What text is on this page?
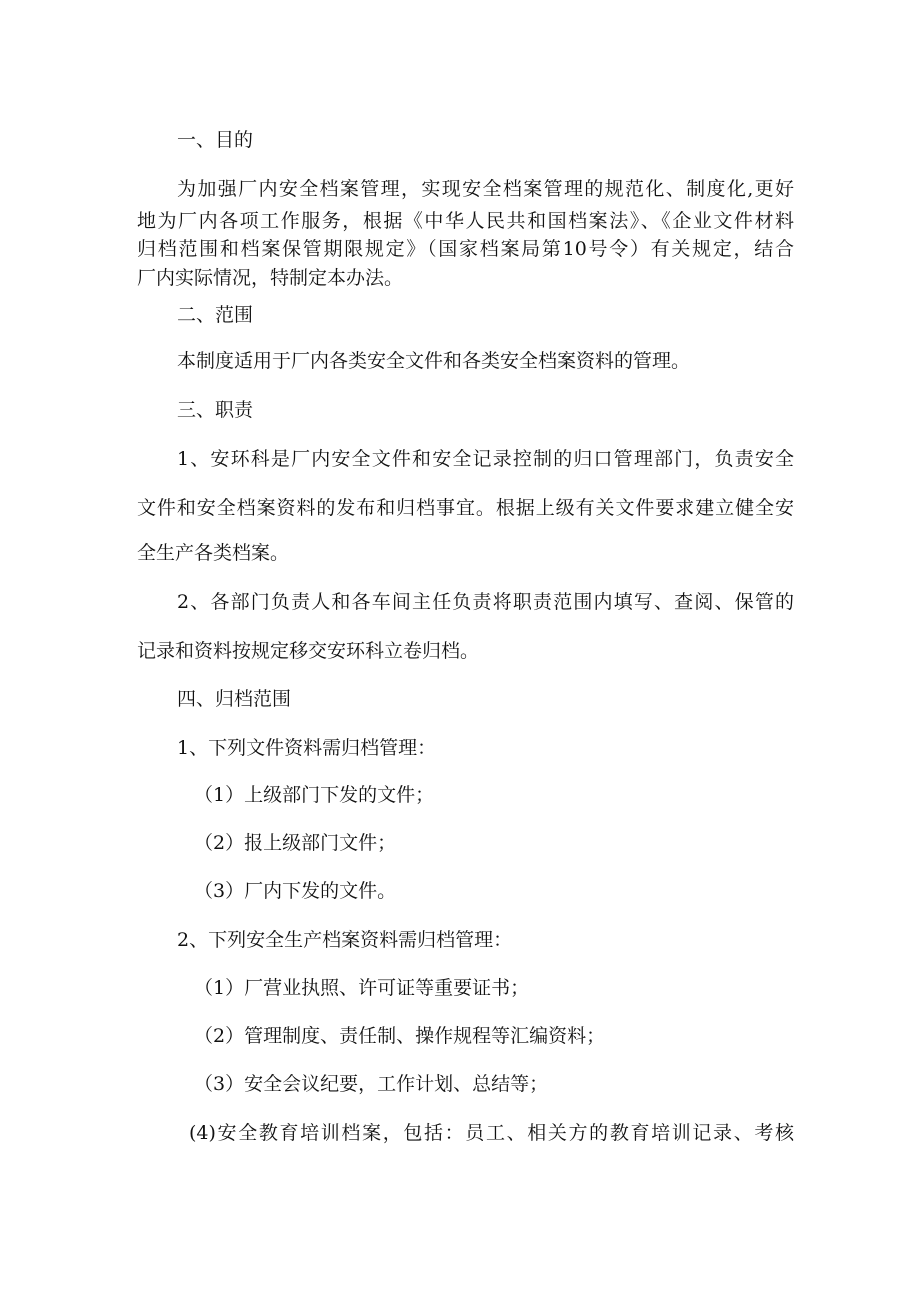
一、目的

为加强厂内安全档案管理，实现安全档案管理的规范化、制度化,更好

地为厂内各项工作服务，根据《中华人民共和国档案法》、《企业文件材料

归档范围和档案保管期限规定》（国家档案局第10号令）有关规定，结合

厂内实际情况，特制定本办法。

二、范围

本制度适用于厂内各类安全文件和各类安全档案资料的管理。

三、职责

1、安环科是厂内安全文件和安全记录控制的归口管理部门，负责安全

文件和安全档案资料的发布和归档事宜。根据上级有关文件要求建立健全安

全生产各类档案。

2、各部门负责人和各车间主任负责将职责范围内填写、查阅、保管的

记录和资料按规定移交安环科立卷归档。

四、归档范围

1、下列文件资料需归档管理：

（1）上级部门下发的文件；

（2）报上级部门文件；

（3）厂内下发的文件。

2、下列安全生产档案资料需归档管理：

（1）厂营业执照、许可证等重要证书；

（2）管理制度、责任制、操作规程等汇编资料；

（3）安全会议纪要，工作计划、总结等；

(4)安全教育培训档案，包括：员工、相关方的教育培训记录、考核
